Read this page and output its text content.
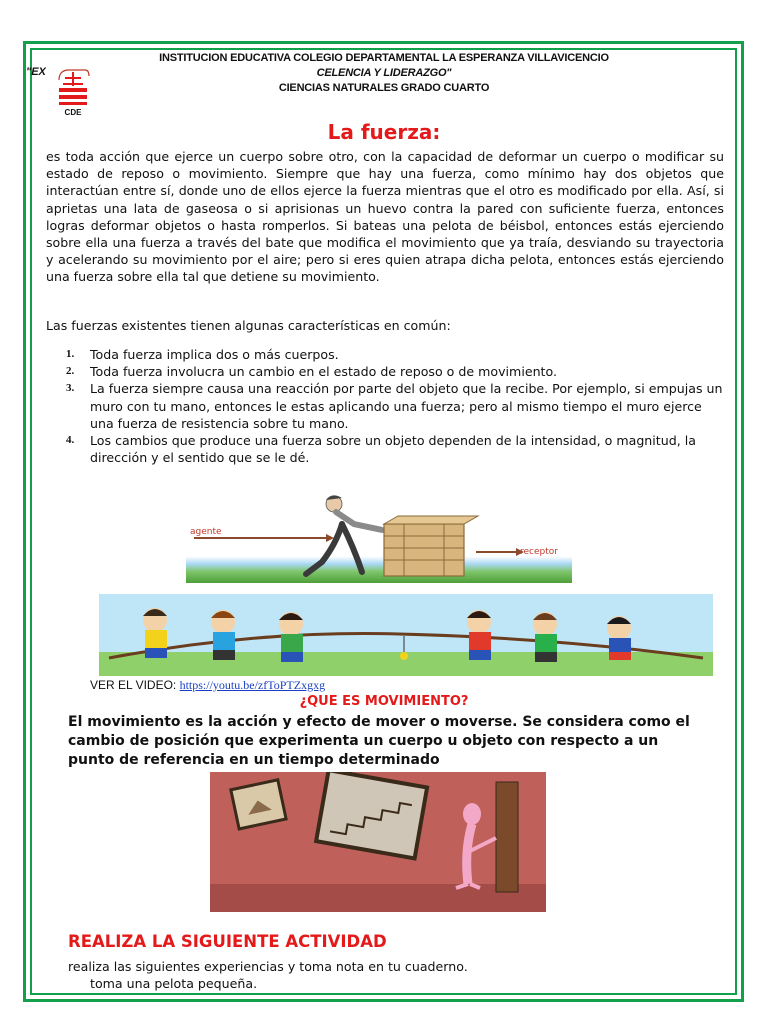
"EX
CDE
INSTITUCION EDUCATIVA COLEGIO DEPARTAMENTAL LA ESPERANZA VILLAVICENCIO
CELENCIA Y LIDERAZGO"
CIENCIAS NATURALES GRADO CUARTO
La fuerza:
es toda acción que ejerce un cuerpo sobre otro, con la capacidad de deformar un cuerpo o modificar su estado de reposo o movimiento. Siempre que hay una fuerza, como mínimo hay dos objetos que interactúan entre sí, donde uno de ellos ejerce la fuerza mientras que el otro es modificado por ella. Así, si aprietas una lata de gaseosa o si aprisionas un huevo contra la pared con suficiente fuerza, entonces logras deformar objetos o hasta romperlos. Si bateas una pelota de béisbol, entonces estás ejerciendo sobre ella una fuerza a través del bate que modifica el movimiento que ya traía, desviando su trayectoria y acelerando su movimiento por el aire; pero si eres quien atrapa dicha pelota, entonces estás ejerciendo una fuerza sobre ella tal que detiene su movimiento.
Las fuerzas existentes tienen algunas características en común:
1. Toda fuerza implica dos o más cuerpos.
2. Toda fuerza involucra un cambio en el estado de reposo o de movimiento.
3. La fuerza siempre causa una reacción por parte del objeto que la recibe. Por ejemplo, si empujas un muro con tu mano, entonces le estas aplicando una fuerza; pero al mismo tiempo el muro ejerce una fuerza de resistencia sobre tu mano.
4. Los cambios que produce una fuerza sobre un objeto dependen de la intensidad, o magnitud, la dirección y el sentido que se le dé.
agente
receptor
VER EL VIDEO: https://youtu.be/zfToPTZxgxg
¿QUE ES MOVIMIENTO?
El movimiento es la acción y efecto de mover o moverse. Se considera como el cambio de posición que experimenta un cuerpo u objeto con respecto a un punto de referencia en un tiempo determinado
REALIZA LA SIGUIENTE ACTIVIDAD
realiza las siguientes experiencias y toma nota en tu cuaderno.
toma una pelota pequeña.
